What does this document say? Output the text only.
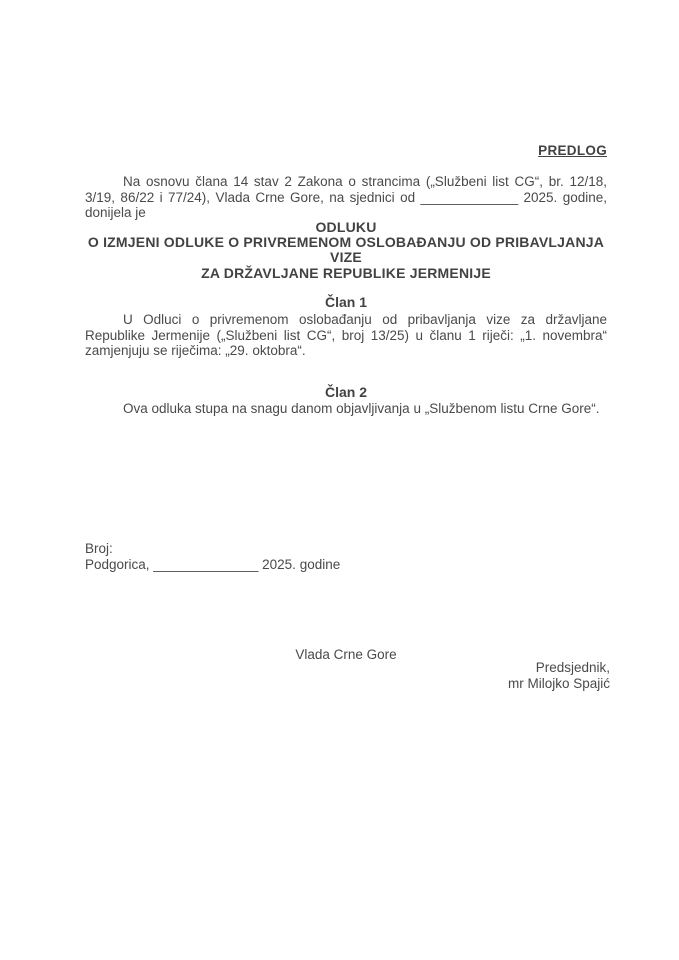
PREDLOG

Na osnovu člana 14 stav 2 Zakona o strancima („Službeni list CG“, br. 12/18, 3/19, 86/22 i 77/24), Vlada Crne Gore, na sjednici od _____________ 2025. godine, donijela je

ODLUKU
O IZMJENI ODLUKE O PRIVREMENOM OSLOBAĐANJU OD PRIBAVLJANJA VIZE
ZA DRŽAVLJANE REPUBLIKE JERMENIJE
Član 1

U Odluci o privremenom oslobađanju od pribavljanja vize za državljane Republike Jermenije („Službeni list CG“, broj 13/25) u članu 1 riječi: „1. novembra“ zamjenjuju se riječima: „29. oktobra“.

Član 2

Ova odluka stupa na snagu danom objavljivanja u „Službenom listu Crne Gore“.

Broj:
Podgorica, ______________ 2025. godine
Vlada Crne Gore
Predsjednik,
mr Milojko Spajić
